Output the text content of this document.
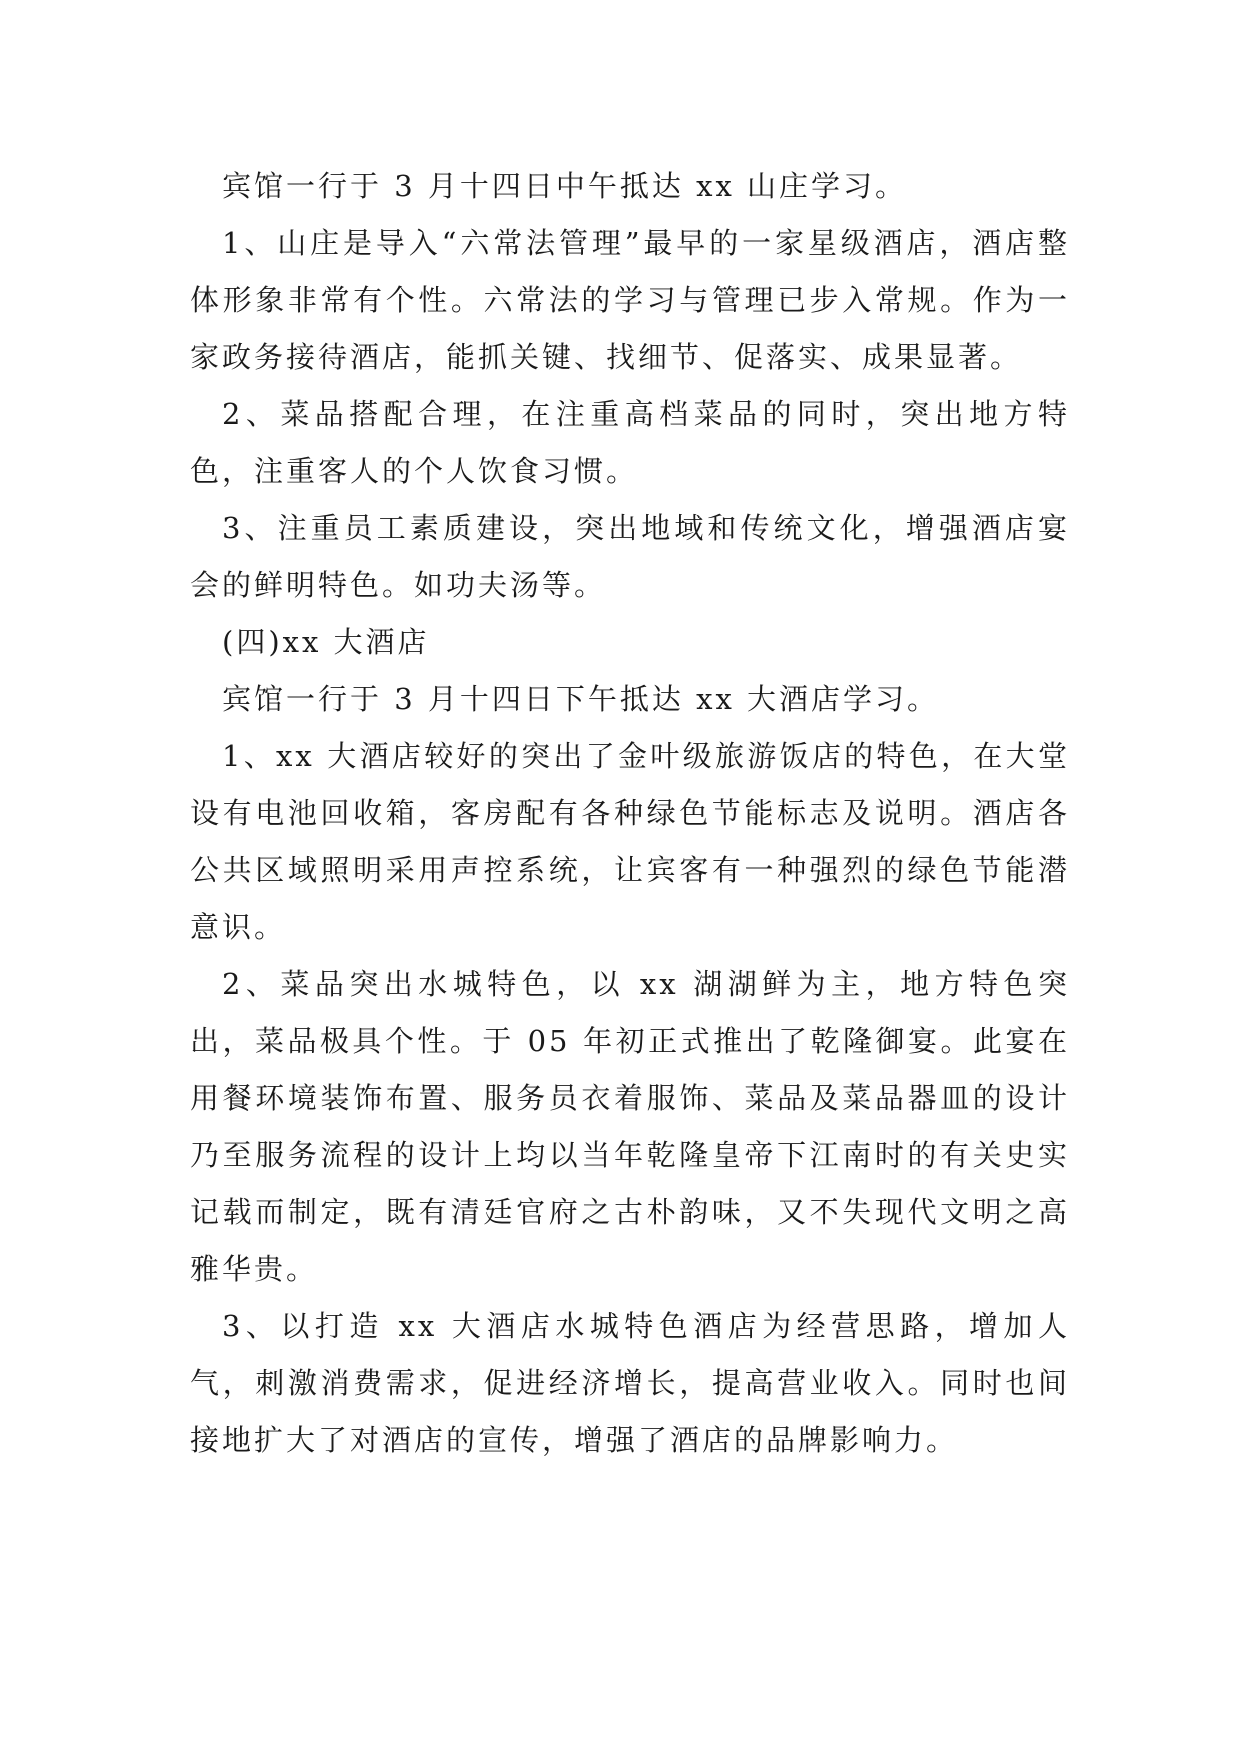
宾馆一行于 3 月十四日中午抵达 xx 山庄学习。

1、山庄是导入“六常法管理”最早的一家星级酒店，酒店整体形象非常有个性。六常法的学习与管理已步入常规。作为一家政务接待酒店，能抓关键、找细节、促落实、成果显著。

2、菜品搭配合理，在注重高档菜品的同时，突出地方特色，注重客人的个人饮食习惯。

3、注重员工素质建设，突出地域和传统文化，增强酒店宴会的鲜明特色。如功夫汤等。

(四)xx 大酒店

宾馆一行于 3 月十四日下午抵达 xx 大酒店学习。

1、xx 大酒店较好的突出了金叶级旅游饭店的特色，在大堂设有电池回收箱，客房配有各种绿色节能标志及说明。酒店各公共区域照明采用声控系统，让宾客有一种强烈的绿色节能潜意识。

2、菜品突出水城特色，以 xx 湖湖鲜为主，地方特色突出，菜品极具个性。于 05 年初正式推出了乾隆御宴。此宴在用餐环境装饰布置、服务员衣着服饰、菜品及菜品器皿的设计乃至服务流程的设计上均以当年乾隆皇帝下江南时的有关史实记载而制定，既有清廷官府之古朴韵味，又不失现代文明之高雅华贵。

3、以打造 xx 大酒店水城特色酒店为经营思路，增加人气，刺激消费需求，促进经济增长，提高营业收入。同时也间接地扩大了对酒店的宣传，增强了酒店的品牌影响力。
